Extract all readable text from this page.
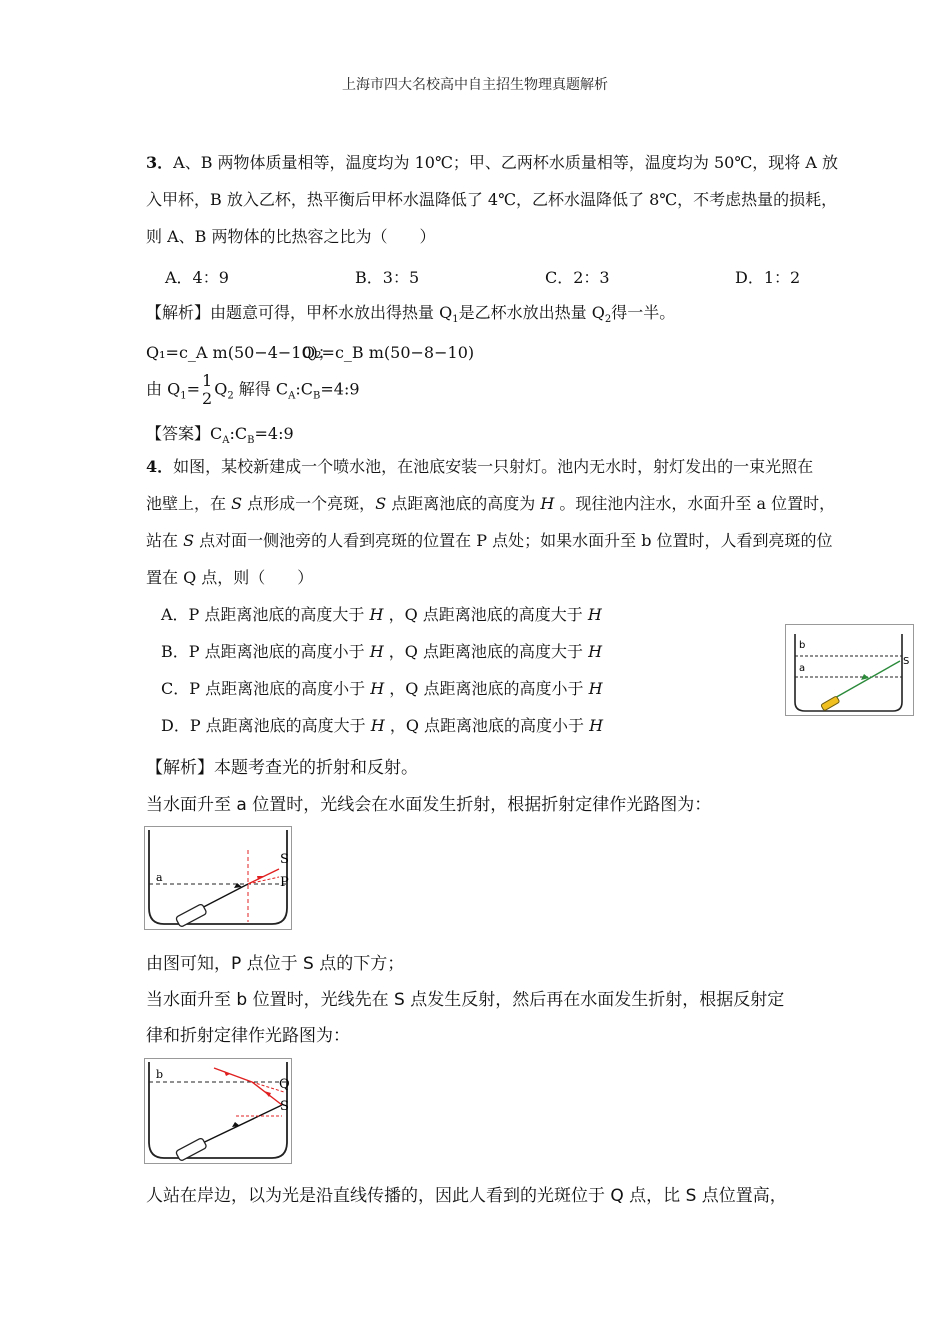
上海市四大名校高中自主招生物理真题解析
3．A、B 两物体质量相等，温度均为 10℃；甲、乙两杯水质量相等，温度均为 50℃，现将 A 放
入甲杯，B 放入乙杯，热平衡后甲杯水温降低了 4℃，乙杯水温降低了 8℃，不考虑热量的损耗，
则 A、B 两物体的比热容之比为（　　）
A．4：9	B．3：5	C．2：3	D．1：2
【解析】由题意可得，甲杯水放出得热量 $Q_1$是乙杯水放出热量 $Q_2$得一半。
Q₁=c_A m(50−4−10)；
Q₂=c_B m(50−8−10)
由 $Q_1= 1$
2 $Q_2$ 解得 $C_A:C_B=4:9$
【答案】$C_A:C_B=4:9$
4．如图，某校新建成一个喷水池，在池底安装一只射灯。池内无水时，射灯发出的一束光照在
池壁上，在 S 点形成一个亮斑，S 点距离池底的高度为 H 。现往池内注水，水面升至 a 位置时，
站在 S 点对面一侧池旁的人看到亮斑的位置在 P 点处；如果水面升至 b 位置时，人看到亮斑的位
置在 Q 点，则（　　）
A．P 点距离池底的高度大于 H ，Q 点距离池底的高度大于 H
B．P 点距离池底的高度小于 H ，Q 点距离池底的高度大于 H
C．P 点距离池底的高度小于 H ，Q 点距离池底的高度小于 H
D．P 点距离池底的高度大于 H ，Q 点距离池底的高度小于 H
b
a
S
【解析】本题考查光的折射和反射。
当水面升至 a 位置时，光线会在水面发生折射，根据折射定律作光路图为：
a
S
P
由图可知，P 点位于 S 点的下方；
当水面升至 b 位置时，光线先在 S 点发生反射，然后再在水面发生折射，根据反射定
律和折射定律作光路图为：
b
Q
S
人站在岸边，以为光是沿直线传播的，因此人看到的光斑位于 Q 点，比 S 点位置高，
